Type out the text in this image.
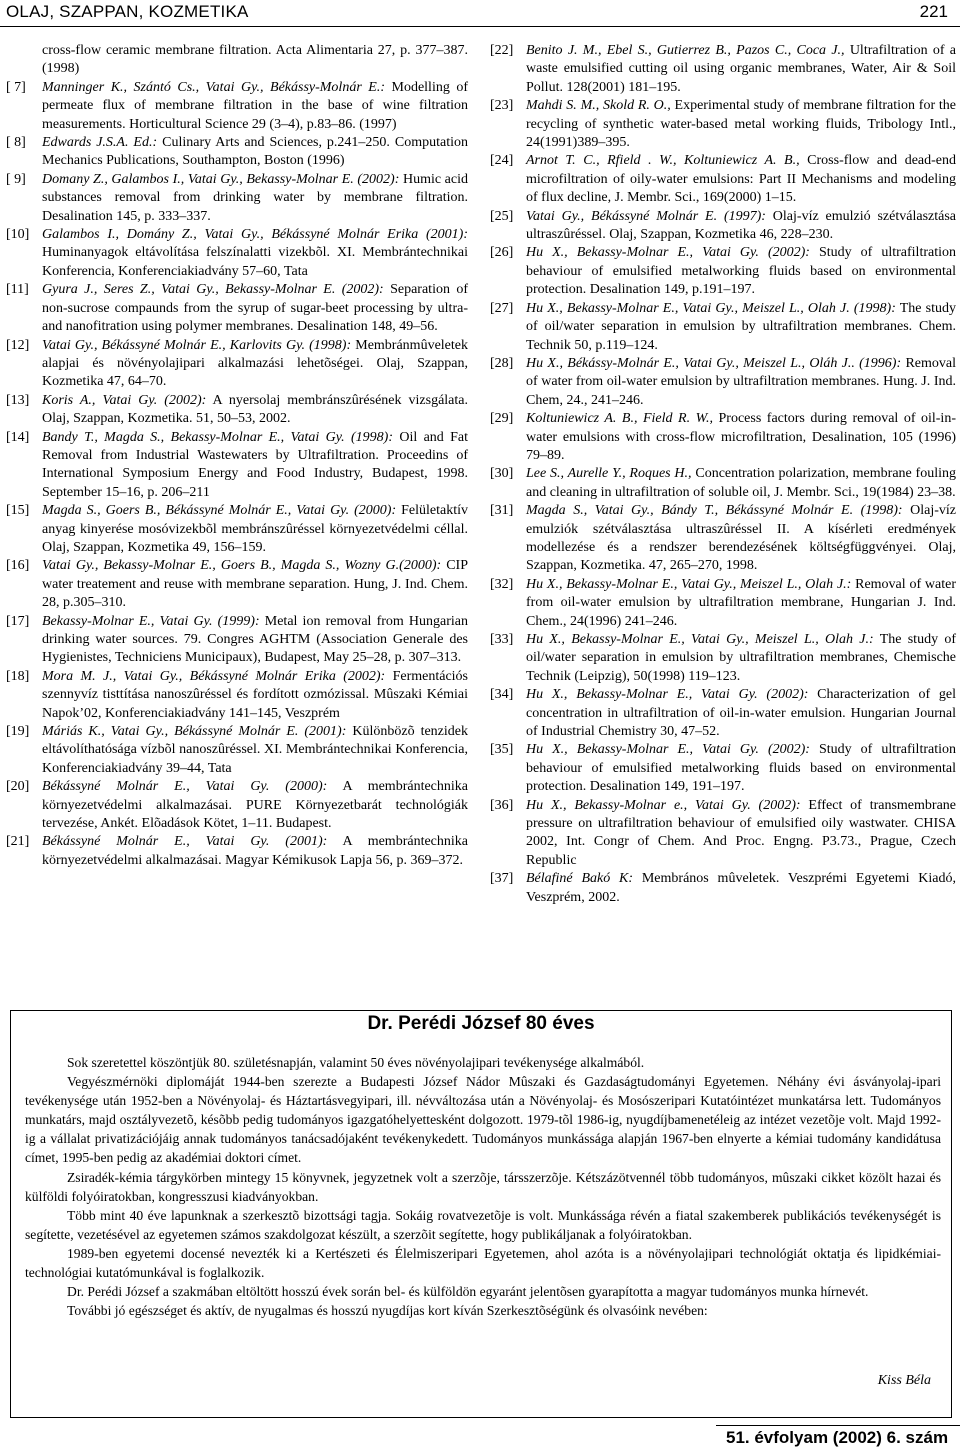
OLAJ, SZAPPAN, KOZMETIKA	221
cross-flow ceramic membrane filtration. Acta Alimentaria 27, p. 377–387. (1998)
[ 7]	Manninger K., Szántó Cs., Vatai Gy., Békássy-Molnár E.: Modelling of permeate flux of membrane filtration in the base of wine filtration measurements. Horticultural Science 29 (3–4), p.83–86. (1997)
[ 8]	Edwards J.S.A. Ed.: Culinary Arts and Sciences, p.241–250. Computation Mechanics Publications, Southampton, Boston (1996)
[ 9]	Domany Z., Galambos I., Vatai Gy., Bekassy-Molnar E. (2002): Humic acid substances removal from drinking water by membrane filtration. Desalination 145, p. 333–337.
[10] Galambos I., Domány Z., Vatai Gy., Békássyné Molnár Erika (2001): Huminanyagok eltávolítása felszínalatti vizekbõl. XI. Membrántechnikai Konferencia, Konferenciakiadvány 57–60, Tata
[11] Gyura J., Seres Z., Vatai Gy., Bekassy-Molnar E. (2002): Separation of non-sucrose compaunds from the syrup of sugar-beet processing by ultra- and nanofitration using polymer membranes. Desalination 148, 49–56.
[12] Vatai Gy., Békássyné Molnár E., Karlovits Gy. (1998): Membránmûveletek alapjai és növényolajipari alkalmazási lehetõségei. Olaj, Szappan, Kozmetika 47, 64–70.
[13] Koris A., Vatai Gy. (2002): A nyersolaj membránszûrésének vizsgálata. Olaj, Szappan, Kozmetika. 51, 50–53, 2002.
[14] Bandy T., Magda S., Bekassy-Molnar E., Vatai Gy. (1998): Oil and Fat Removal from Industrial Wastewaters by Ultrafiltration. Proceedins of International Symposium Energy and Food Industry, Budapest, 1998. September 15–16, p. 206–211
[15] Magda S., Goers B., Békássyné Molnár E., Vatai Gy. (2000): Felületaktív anyag kinyerése mosóvizekbõl membránszûréssel környezetvédelmi céllal. Olaj, Szappan, Kozmetika 49, 156–159.
[16] Vatai Gy., Bekassy-Molnar E., Goers B., Magda S., Wozny G.(2000): CIP water treatement and reuse with membrane separation. Hung, J. Ind. Chem. 28, p.305–310.
[17] Bekassy-Molnar E., Vatai Gy. (1999): Metal ion removal from Hungarian drinking water sources. 79. Congres AGHTM (Association Generale des Hygienistes, Techniciens Municipaux), Budapest, May 25–28, p. 307–313.
[18] Mora M. J., Vatai Gy., Békássyné Molnár Erika (2002): Fermentációs szennyvíz tisttítása nanoszûréssel és fordított ozmózissal. Mûszaki Kémiai Napok’02, Konferenciakiadvány 141–145, Veszprém
[19] Máriás K., Vatai Gy., Békássyné Molnár E. (2001): Különbözõ tenzidek eltávolíthatósága vízbõl nanoszûréssel. XI. Membrántechnikai Konferencia, Konferenciakiadvány 39–44, Tata
[20] Békássyné Molnár E., Vatai Gy. (2000): A membrántechnika környezetvédelmi alkalmazásai. PURE Környezetbarát technológiák tervezése, Ankét. Elõadások Kötet, 1–11. Budapest.
[21] Békássyné Molnár E., Vatai Gy. (2001): A membrántechnika környezetvédelmi alkalmazásai. Magyar Kémikusok Lapja 56, p. 369–372.
[22] Benito J. M., Ebel S., Gutierrez B., Pazos C., Coca J., Ultrafiltration of a waste emulsified cutting oil using organic membranes, Water, Air & Soil Pollut. 128(2001) 181–195.
[23] Mahdi S. M., Skold R. O., Experimental study of membrane filtration for the recycling of synthetic water-based metal working fluids, Tribology Intl., 24(1991)389–395.
[24] Arnot T. C., Rfield . W., Koltuniewicz A. B., Cross-flow and dead-end microfiltration of oily-water emulsions: Part II Mechanisms and modeling of flux decline, J. Membr. Sci., 169(2000) 1–15.
[25] Vatai Gy., Békássyné Molnár E. (1997): Olaj-víz emulzió szétválasztása ultraszûréssel. Olaj, Szappan, Kozmetika 46, 228–230.
[26] Hu X., Bekassy-Molnar E., Vatai Gy. (2002): Study of ultrafiltration behaviour of emulsified metalworking fluids based on environmental protection. Desalination 149, p.191–197.
[27] Hu X., Bekassy-Molnar E., Vatai Gy., Meiszel L., Olah J. (1998): The study of oil/water separation in emulsion by ultrafiltration membranes. Chem. Technik 50, p.119–124.
[28] Hu X., Békássy-Molnár E., Vatai Gy., Meiszel L., Oláh J.. (1996): Removal of water from oil-water emulsion by ultrafiltration membranes. Hung. J. Ind. Chem, 24., 241–246.
[29] Koltuniewicz A. B., Field R. W., Process factors during removal of oil-in-water emulsions with cross-flow microfiltration, Desalination, 105 (1996) 79–89.
[30] Lee S., Aurelle Y., Roques H., Concentration polarization, membrane fouling and cleaning in ultrafiltration of soluble oil, J. Membr. Sci., 19(1984) 23–38.
[31] Magda S., Vatai Gy., Bándy T., Békássyné Molnár E. (1998): Olaj-víz emulziók szétválasztása ultraszûréssel II. A kísérleti eredmények modellezése és a rendszer berendezésének költségfüggvényei. Olaj, Szappan, Kozmetika. 47, 265–270, 1998.
[32] Hu X., Bekassy-Molnar E., Vatai Gy., Meiszel L., Olah J.: Removal of water from oil-water emulsion by ultrafiltration membrane, Hungarian J. Ind. Chem., 24(1996) 241–246.
[33] Hu X., Bekassy-Molnar E., Vatai Gy., Meiszel L., Olah J.: The study of oil/water separation in emulsion by ultrafiltration membranes, Chemische Technik (Leipzig), 50(1998) 119–123.
[34] Hu X., Bekassy-Molnar E., Vatai Gy. (2002): Characterization of gel concentration in ultrafiltration of oil-in-water emulsion. Hungarian Journal of Industrial Chemistry 30, 47–52.
[35] Hu X., Bekassy-Molnar E., Vatai Gy. (2002): Study of ultrafiltration behaviour of emulsified metalworking fluids based on environmental protection. Desalination 149, 191–197.
[36] Hu X., Bekassy-Molnar e., Vatai Gy. (2002): Effect of transmembrane pressure on ultrafiltration behaviour of emulsified oily wastwater. CHISA 2002, Int. Congr of Chem. And Proc. Engng. P3.73., Prague, Czech Republic
[37] Bélafiné Bakó K: Membrános mûveletek. Veszprémi Egyetemi Kiadó, Veszprém, 2002.
Dr. Perédi József 80 éves

Sok szeretettel köszöntjük 80. születésnapján, valamint 50 éves növényolajipari tevékenysége alkalmából.

Vegyészmérnöki diplomáját 1944-ben szerezte a Budapesti József Nádor Mûszaki és Gazdaságtudományi Egyetemen. Néhány évi ásványolaj-ipari tevékenysége után 1952-ben a Növényolaj- és Háztartásvegyipari, ill. névváltozása után a Növényolaj- és Mosószeripari Kutatóintézet munkatársa lett. Tudományos munkatárs, majd osztályvezetõ, késõbb pedig tudományos igazgatóhelyettesként dolgozott. 1979-tõl 1986-ig, nyugdíjbamenetéleig az intézet vezetõje volt. Majd 1992-ig a vállalat privatizációjáig annak tudományos tanácsadójaként tevékenykedett. Tudományos munkássága alapján 1967-ben elnyerte a kémiai tudomány kandidátusa címet, 1995-ben pedig az akadémiai doktori címet.

Zsiradék-kémia tárgykörben mintegy 15 könyvnek, jegyzetnek volt a szerzõje, társszerzõje. Kétszázötvennél több tudományos, mûszaki cikket közölt hazai és külföldi folyóiratokban, kongresszusi kiadványokban.

Több mint 40 éve lapunknak a szerkesztõ bizottsági tagja. Sokáig rovatvezetõje is volt. Munkássága révén a fiatal szakemberek publikációs tevékenységét is segítette, vezetésével az egyetemen számos szakdolgozat készült, a szerzõit segítette, hogy publikáljanak a folyóiratokban.

1989-ben egyetemi docensé nevezték ki a Kertészeti és Élelmiszeripari Egyetemen, ahol azóta is a növényolajipari technológiát oktatja és lipidkémiai-technológiai kutatómunkával is foglalkozik.

Dr. Perédi József a szakmában eltöltött hosszú évek során bel- és külföldön egyaránt jelentõsen gyarapította a magyar tudományos munka hírnevét.

További jó egészséget és aktív, de nyugalmas és hosszú nyugdíjas kort kíván Szerkesztõségünk és olvasóink nevében:

Kiss Béla
51. évfolyam (2002) 6. szám
